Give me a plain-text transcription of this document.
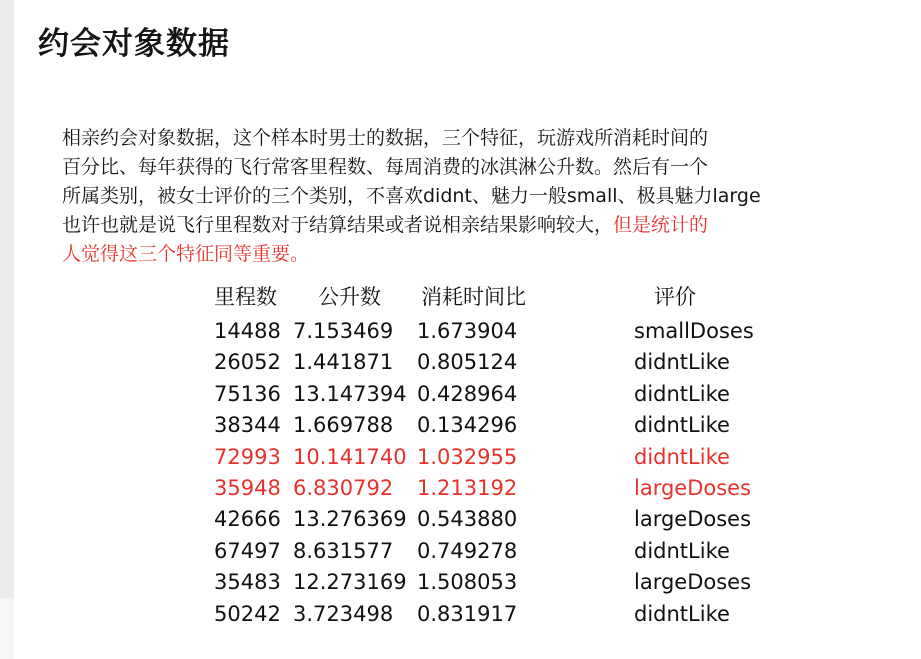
约会对象数据
相亲约会对象数据，这个样本时男士的数据，三个特征，玩游戏所消耗时间的
百分比、每年获得的飞行常客里程数、每周消费的冰淇淋公升数。然后有一个
所属类别，被女士评价的三个类别，不喜欢didnt、魅力一般small、极具魅力large
也许也就是说飞行里程数对于结算结果或者说相亲结果影响较大，但是统计的
人觉得这三个特征同等重要。
里程数 公升数 消耗时间比	评价
14488 7.153469 1.673904	smallDoses
26052 1.441871 0.805124	didntLike
75136 13.147394 0.428964	didntLike
38344 1.669788 0.134296	didntLike
72993 10.141740 1.032955	didntLike
35948 6.830792 1.213192	largeDoses
42666 13.276369 0.543880	largeDoses
67497 8.631577 0.749278	didntLike
35483 12.273169 1.508053	largeDoses
50242 3.723498 0.831917	didntLike
